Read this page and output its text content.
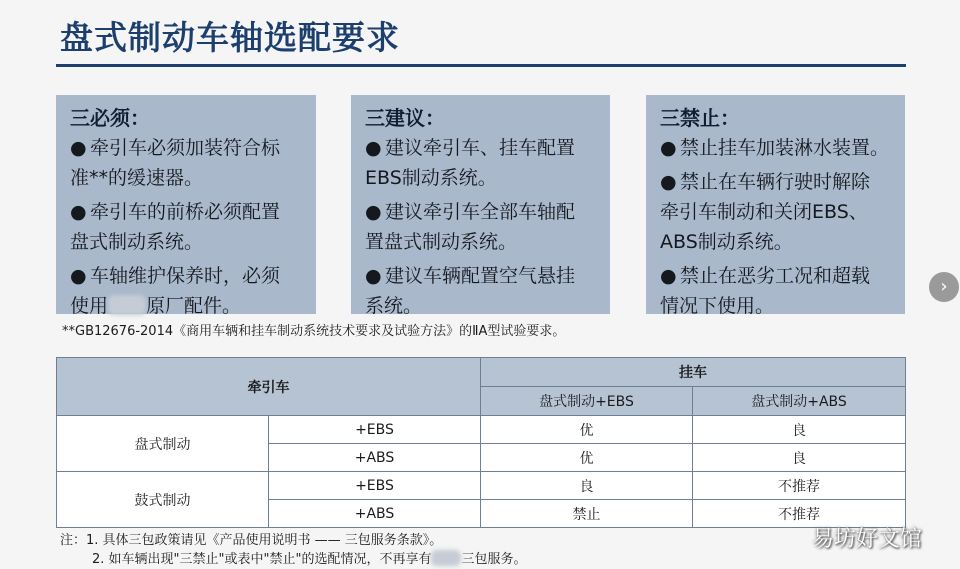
盘式制动车轴选配要求
三必须：
● 牵引车必须加装符合标
准**的缓速器。
● 牵引车的前桥必须配置
盘式制动系统。
● 车轴维护保养时，必须
使用 原厂配件。
三建议：
● 建议牵引车、挂车配置
EBS制动系统。
● 建议牵引车全部车轴配
置盘式制动系统。
● 建议车辆配置空气悬挂
系统。
三禁止：
● 禁止挂车加装淋水装置。
● 禁止在车辆行驶时解除
牵引车制动和关闭EBS、
ABS制动系统。
● 禁止在恶劣工况和超载
情况下使用。
**GB12676-2014《商用车辆和挂车制动系统技术要求及试验方法》的ⅡA型试验要求。
›
牵引车		挂车	
		盘式制动+EBS	盘式制动+ABS
盘式制动	+EBS	优	良
	+ABS	优	良
鼓式制动	+EBS	良	不推荐
	+ABS	禁止	不推荐
注：1. 具体三包政策请见《产品使用说明书 —— 三包服务条款》。
2. 如车辆出现"三禁止"或表中"禁止"的选配情况，不再享有 三包服务。
易坊好文馆
